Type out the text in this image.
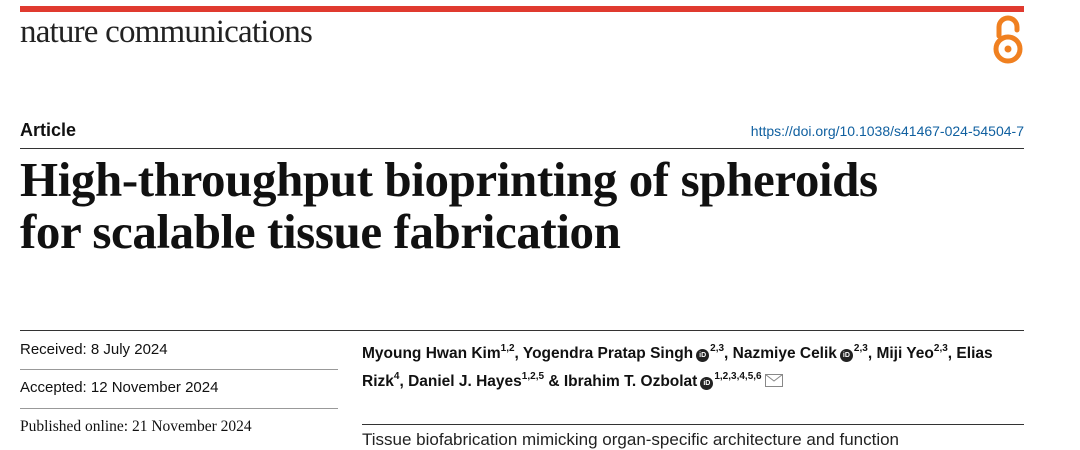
nature communications
Article	https://doi.org/10.1038/s41467-024-54504-7
High-throughput bioprinting of spheroids
for scalable tissue fabrication
Received: 8 July 2024
Accepted: 12 November 2024
Published online: 21 November 2024

Myoung Hwan Kim$^{1,2}$, Yogendra Pratap Singh iD$^{2,3}$, Nazmiye Celik iD$^{2,3}$, Miji Yeo$^{2,3}$, Elias Rizk$^4$, Daniel J. Hayes$^{1,2,5}$ & Ibrahim T. Ozbolat iD$^{1,2,3,4,5,6}$

Tissue biofabrication mimicking organ-specific architecture and function
